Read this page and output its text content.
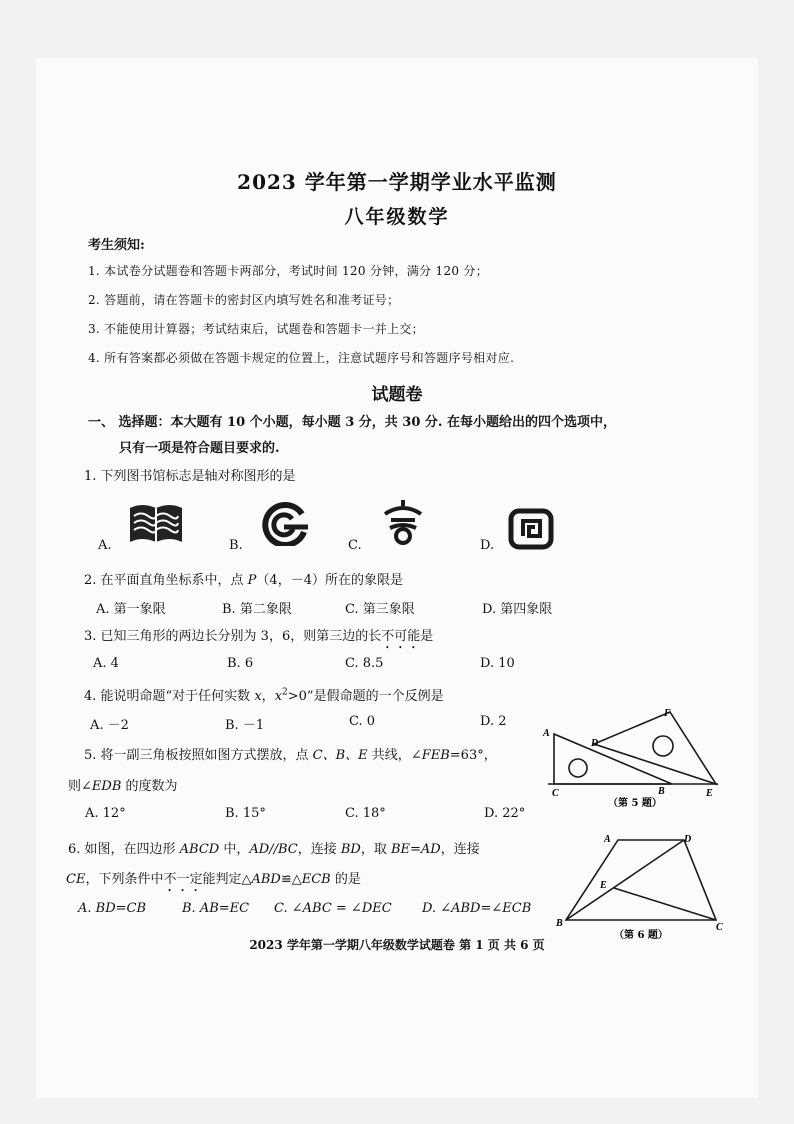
2023 学年第一学期学业水平监测
八年级数学
考生须知:
1. 本试卷分试题卷和答题卡两部分，考试时间 120 分钟，满分 120 分；
2. 答题前，请在答题卡的密封区内填写姓名和准考证号；
3. 不能使用计算器；考试结束后，试题卷和答题卡一并上交；
4. 所有答案都必须做在答题卡规定的位置上，注意试题序号和答题序号相对应.
试题卷
一、 选择题：本大题有 10 个小题，每小题 3 分，共 30 分. 在每小题给出的四个选项中，
只有一项是符合题目要求的.
1. 下列图书馆标志是轴对称图形的是
A.	B.	C.	D.
2. 在平面直角坐标系中，点 P（4，－4）所在的象限是
A. 第一象限	B. 第二象限	C. 第三象限	D. 第四象限
3. 已知三角形的两边长分别为 3，6，则第三边的长不可能是
A. 4	B. 6	C. 8.5	D. 10
4. 能说明命题“对于任何实数 x，$x^2>0$”是假命题的一个反例是
A. －2	B. －1	C. 0	D. 2
5. 将一副三角板按照如图方式摆放，点 C、B、E 共线，∠FEB=63°，
则∠EDB 的度数为
A. 12°	B. 15°	C. 18°	D. 22°
A
D
F
C	B	E
（第 5 题）
6. 如图，在四边形 ABCD 中，AD//BC，连接 BD，取 BE=AD，连接
CE，下列条件中不一定能判定△ABD≌△ECB 的是
A. BD=CB	B. AB=EC C. ∠ABC = ∠DEC D. ∠ABD=∠ECB
A	D
E
B	C
（第 6 题）
2023 学年第一学期八年级数学试题卷 第 1 页 共 6 页
